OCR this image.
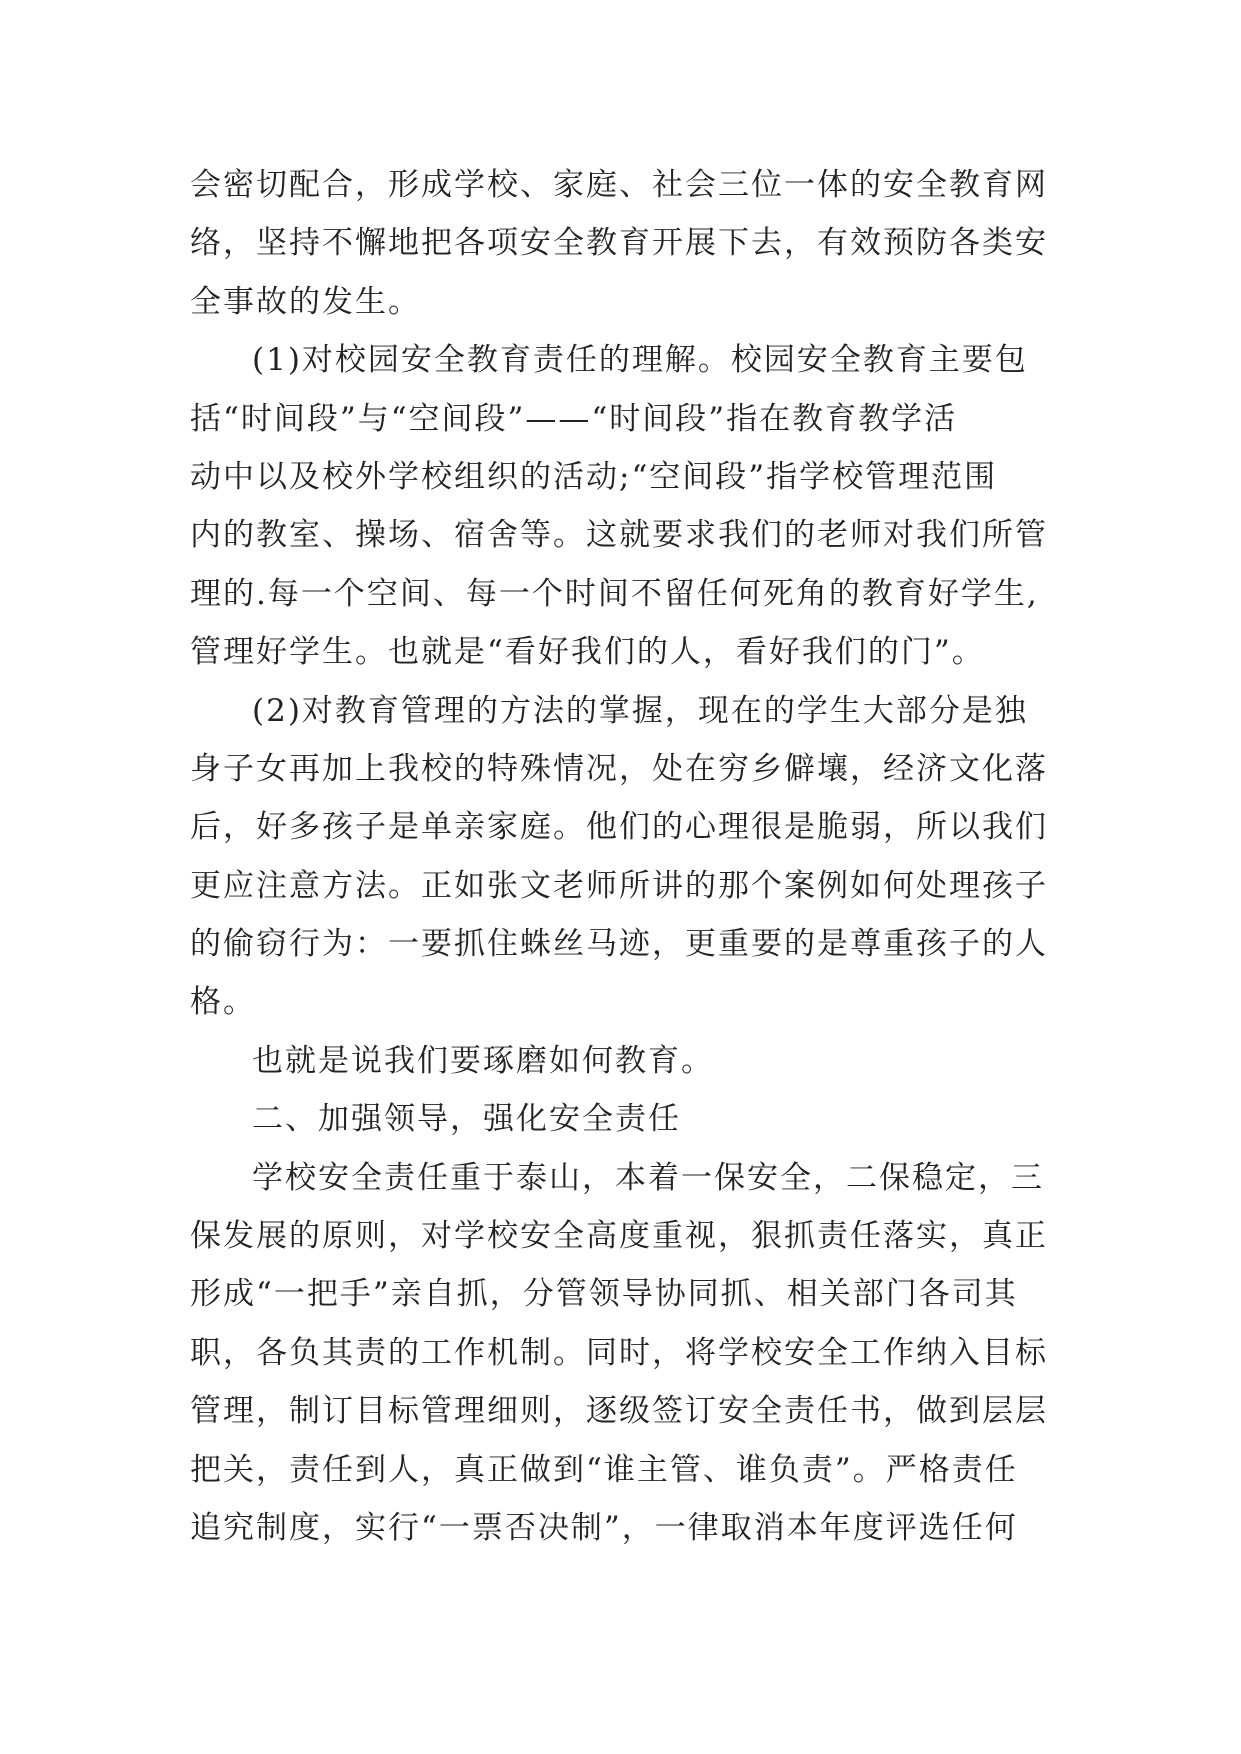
会密切配合，形成学校、家庭、社会三位一体的安全教育网
络，坚持不懈地把各项安全教育开展下去，有效预防各类安
全事故的发生。
(1)对校园安全教育责任的理解。校园安全教育主要包
括“时间段”与“空间段”——“时间段”指在教育教学活
动中以及校外学校组织的活动;“空间段”指学校管理范围
内的教室、操场、宿舍等。这就要求我们的老师对我们所管
理的.每一个空间、每一个时间不留任何死角的教育好学生,
管理好学生。也就是“看好我们的人，看好我们的门”。
(2)对教育管理的方法的掌握，现在的学生大部分是独
身子女再加上我校的特殊情况，处在穷乡僻壤，经济文化落
后，好多孩子是单亲家庭。他们的心理很是脆弱，所以我们
更应注意方法。正如张文老师所讲的那个案例如何处理孩子
的偷窃行为：一要抓住蛛丝马迹，更重要的是尊重孩子的人
格。
也就是说我们要琢磨如何教育。
二、加强领导，强化安全责任
学校安全责任重于泰山，本着一保安全，二保稳定，三
保发展的原则，对学校安全高度重视，狠抓责任落实，真正
形成“一把手”亲自抓，分管领导协同抓、相关部门各司其
职，各负其责的工作机制。同时，将学校安全工作纳入目标
管理，制订目标管理细则，逐级签订安全责任书，做到层层
把关，责任到人，真正做到“谁主管、谁负责”。严格责任
追究制度，实行“一票否决制”，一律取消本年度评选任何
